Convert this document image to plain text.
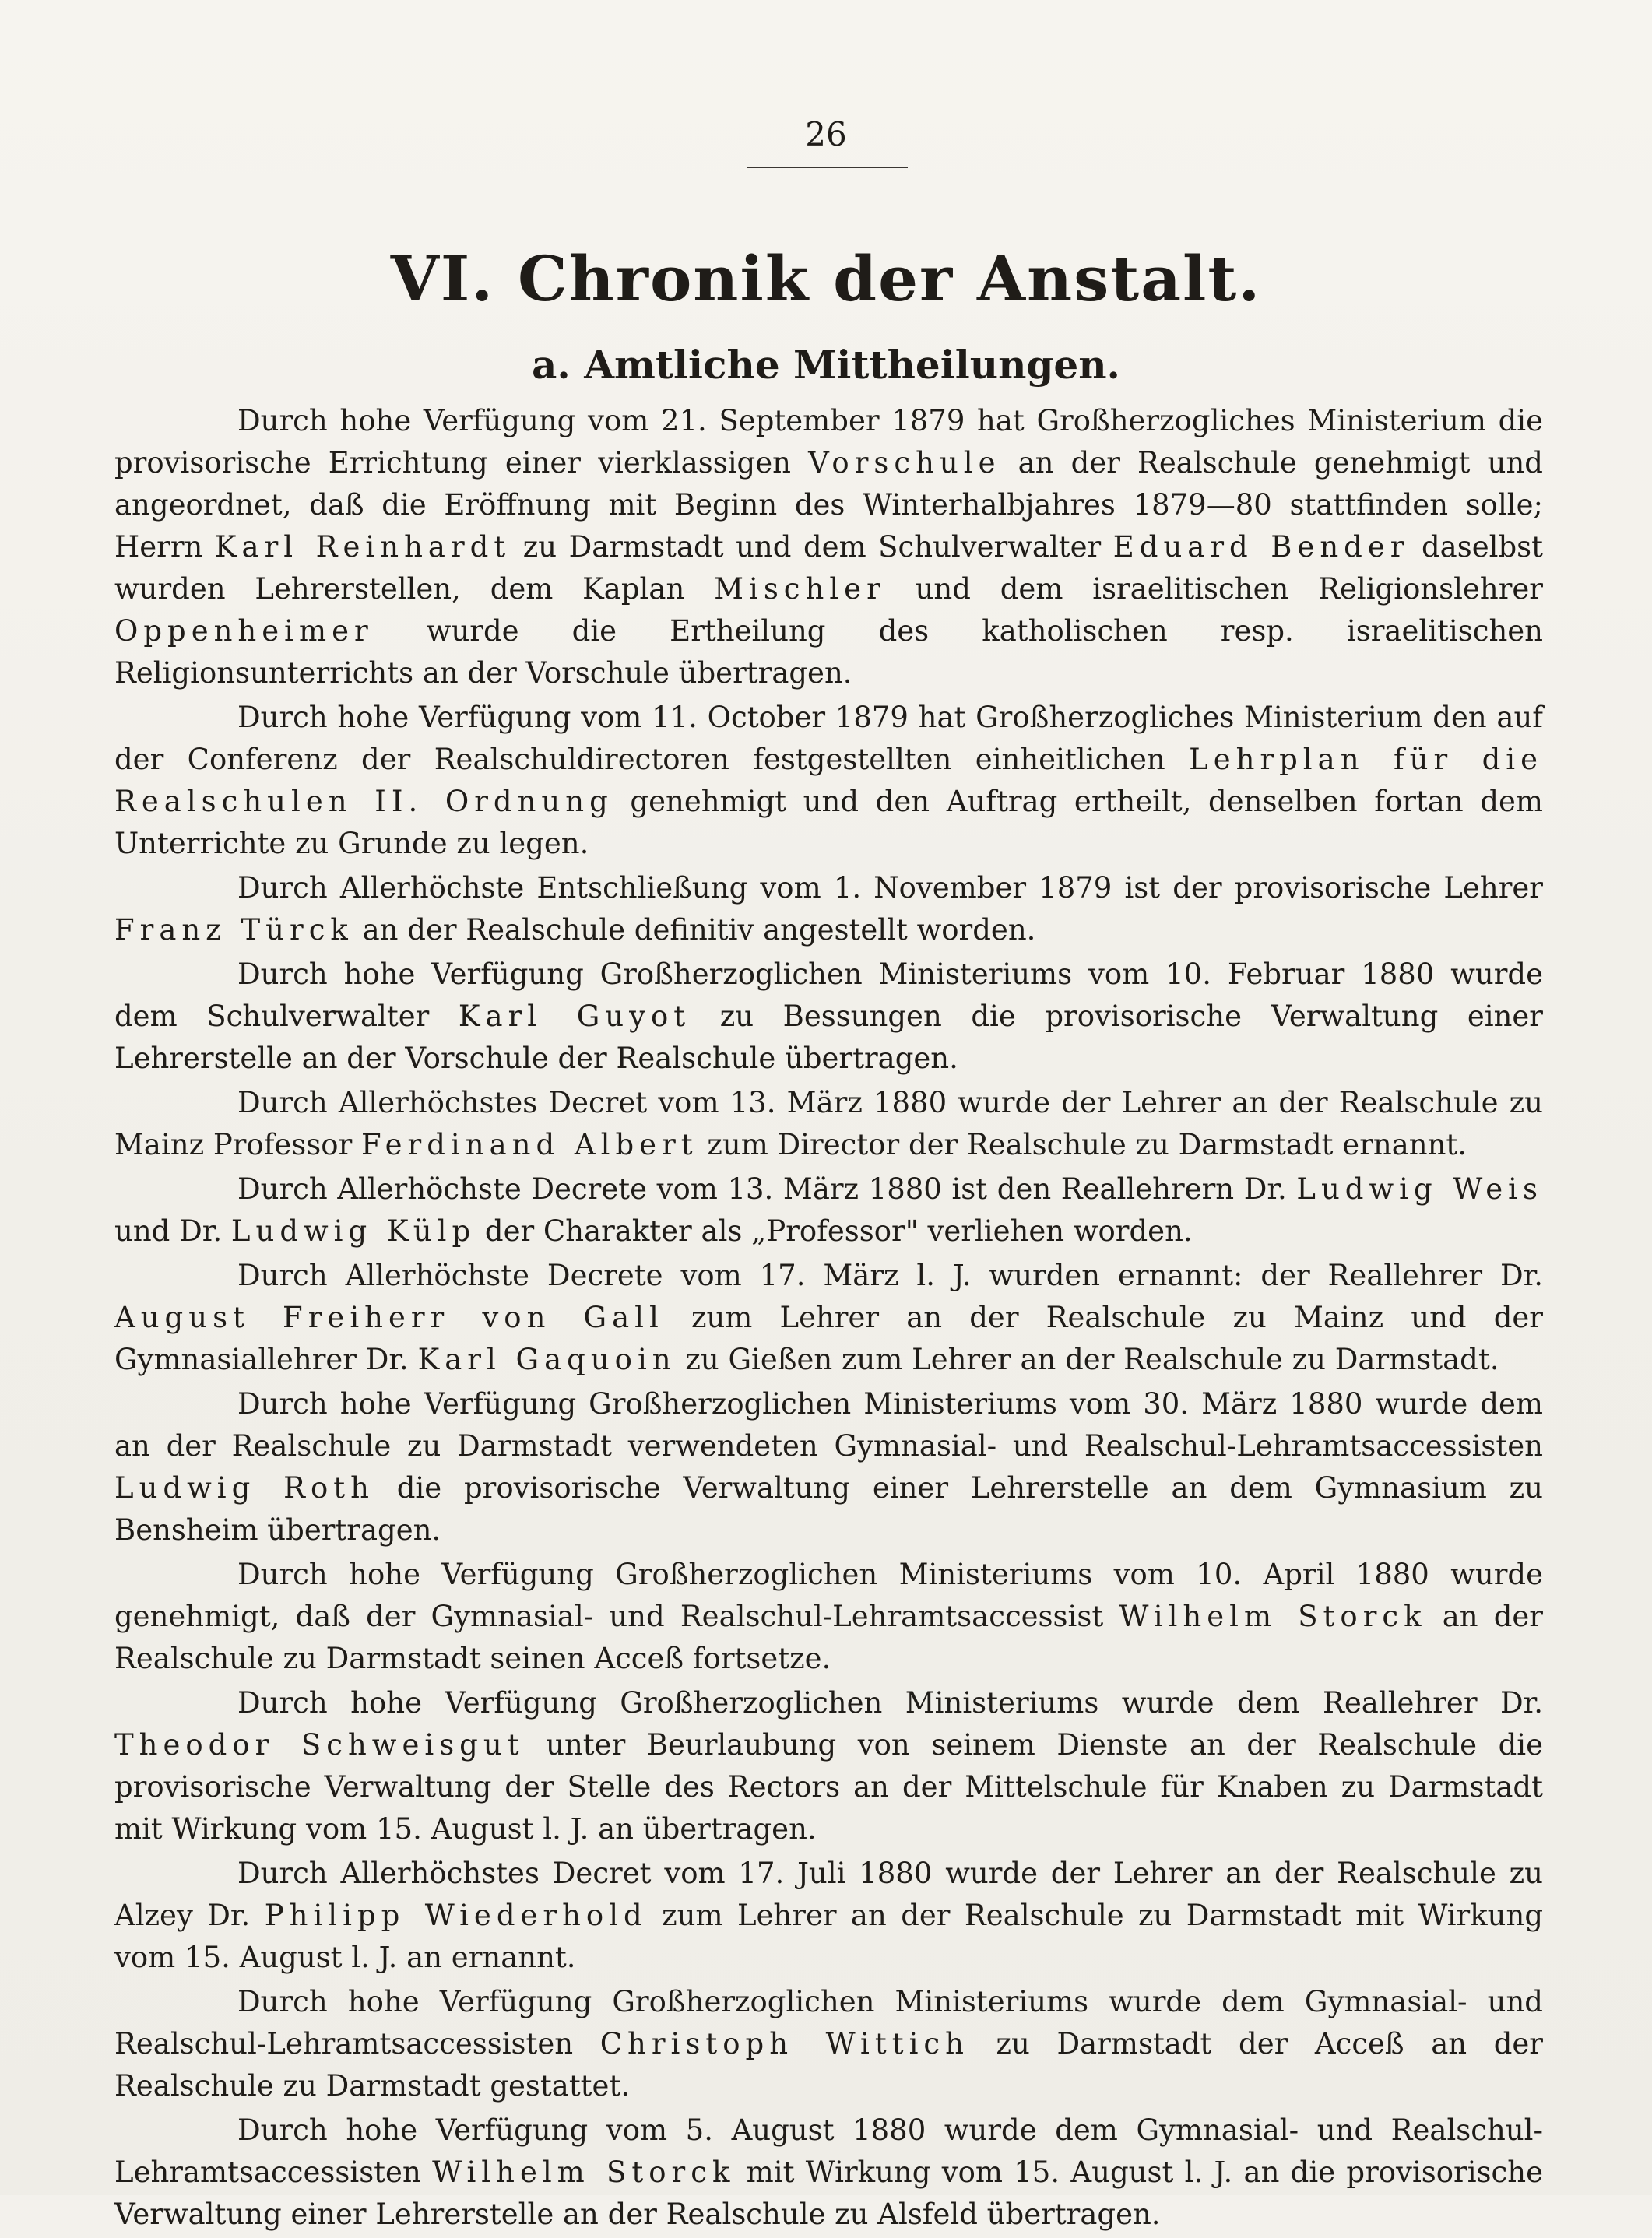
26
VI. Chronik der Anstalt.
a. Amtliche Mittheilungen.

Durch hohe Verfügung vom 21. September 1879 hat Großherzogliches Ministerium die provisorische Errichtung einer vierklassigen Vorschule an der Realschule genehmigt und angeordnet, daß die Eröffnung mit Beginn des Winterhalbjahres 1879—80 stattfinden solle; Herrn Karl Reinhardt zu Darmstadt und dem Schulverwalter Eduard Bender daselbst wurden Lehrerstellen, dem Kaplan Mischler und dem israelitischen Religionslehrer Oppenheimer wurde die Ertheilung des katholischen resp. israelitischen Religionsunterrichts an der Vorschule übertragen.

Durch hohe Verfügung vom 11. October 1879 hat Großherzogliches Ministerium den auf der Conferenz der Realschuldirectoren festgestellten einheitlichen Lehrplan für die Realschulen II. Ordnung genehmigt und den Auftrag ertheilt, denselben fortan dem Unterrichte zu Grunde zu legen.

Durch Allerhöchste Entschließung vom 1. November 1879 ist der provisorische Lehrer Franz Türck an der Realschule definitiv angestellt worden.

Durch hohe Verfügung Großherzoglichen Ministeriums vom 10. Februar 1880 wurde dem Schulverwalter Karl Guyot zu Bessungen die provisorische Verwaltung einer Lehrerstelle an der Vorschule der Realschule übertragen.

Durch Allerhöchstes Decret vom 13. März 1880 wurde der Lehrer an der Realschule zu Mainz Professor Ferdinand Albert zum Director der Realschule zu Darmstadt ernannt.

Durch Allerhöchste Decrete vom 13. März 1880 ist den Reallehrern Dr. Ludwig Weis und Dr. Ludwig Külp der Charakter als „Professor" verliehen worden.

Durch Allerhöchste Decrete vom 17. März l. J. wurden ernannt: der Reallehrer Dr. August Freiherr von Gall zum Lehrer an der Realschule zu Mainz und der Gymnasiallehrer Dr. Karl Gaquoin zu Gießen zum Lehrer an der Realschule zu Darmstadt.

Durch hohe Verfügung Großherzoglichen Ministeriums vom 30. März 1880 wurde dem an der Realschule zu Darmstadt verwendeten Gymnasial- und Realschul-Lehramtsaccessisten Ludwig Roth die provisorische Verwaltung einer Lehrerstelle an dem Gymnasium zu Bensheim übertragen.

Durch hohe Verfügung Großherzoglichen Ministeriums vom 10. April 1880 wurde genehmigt, daß der Gymnasial- und Realschul-Lehramtsaccessist Wilhelm Storck an der Realschule zu Darmstadt seinen Acceß fortsetze.

Durch hohe Verfügung Großherzoglichen Ministeriums wurde dem Reallehrer Dr. Theodor Schweisgut unter Beurlaubung von seinem Dienste an der Realschule die provisorische Verwaltung der Stelle des Rectors an der Mittelschule für Knaben zu Darmstadt mit Wirkung vom 15. August l. J. an übertragen.

Durch Allerhöchstes Decret vom 17. Juli 1880 wurde der Lehrer an der Realschule zu Alzey Dr. Philipp Wiederhold zum Lehrer an der Realschule zu Darmstadt mit Wirkung vom 15. August l. J. an ernannt.

Durch hohe Verfügung Großherzoglichen Ministeriums wurde dem Gymnasial- und Realschul-Lehramtsaccessisten Christoph Wittich zu Darmstadt der Acceß an der Realschule zu Darmstadt gestattet.

Durch hohe Verfügung vom 5. August 1880 wurde dem Gymnasial- und Realschul-Lehramtsaccessisten Wilhelm Storck mit Wirkung vom 15. August l. J. an die provisorische Verwaltung einer Lehrerstelle an der Realschule zu Alsfeld übertragen.
